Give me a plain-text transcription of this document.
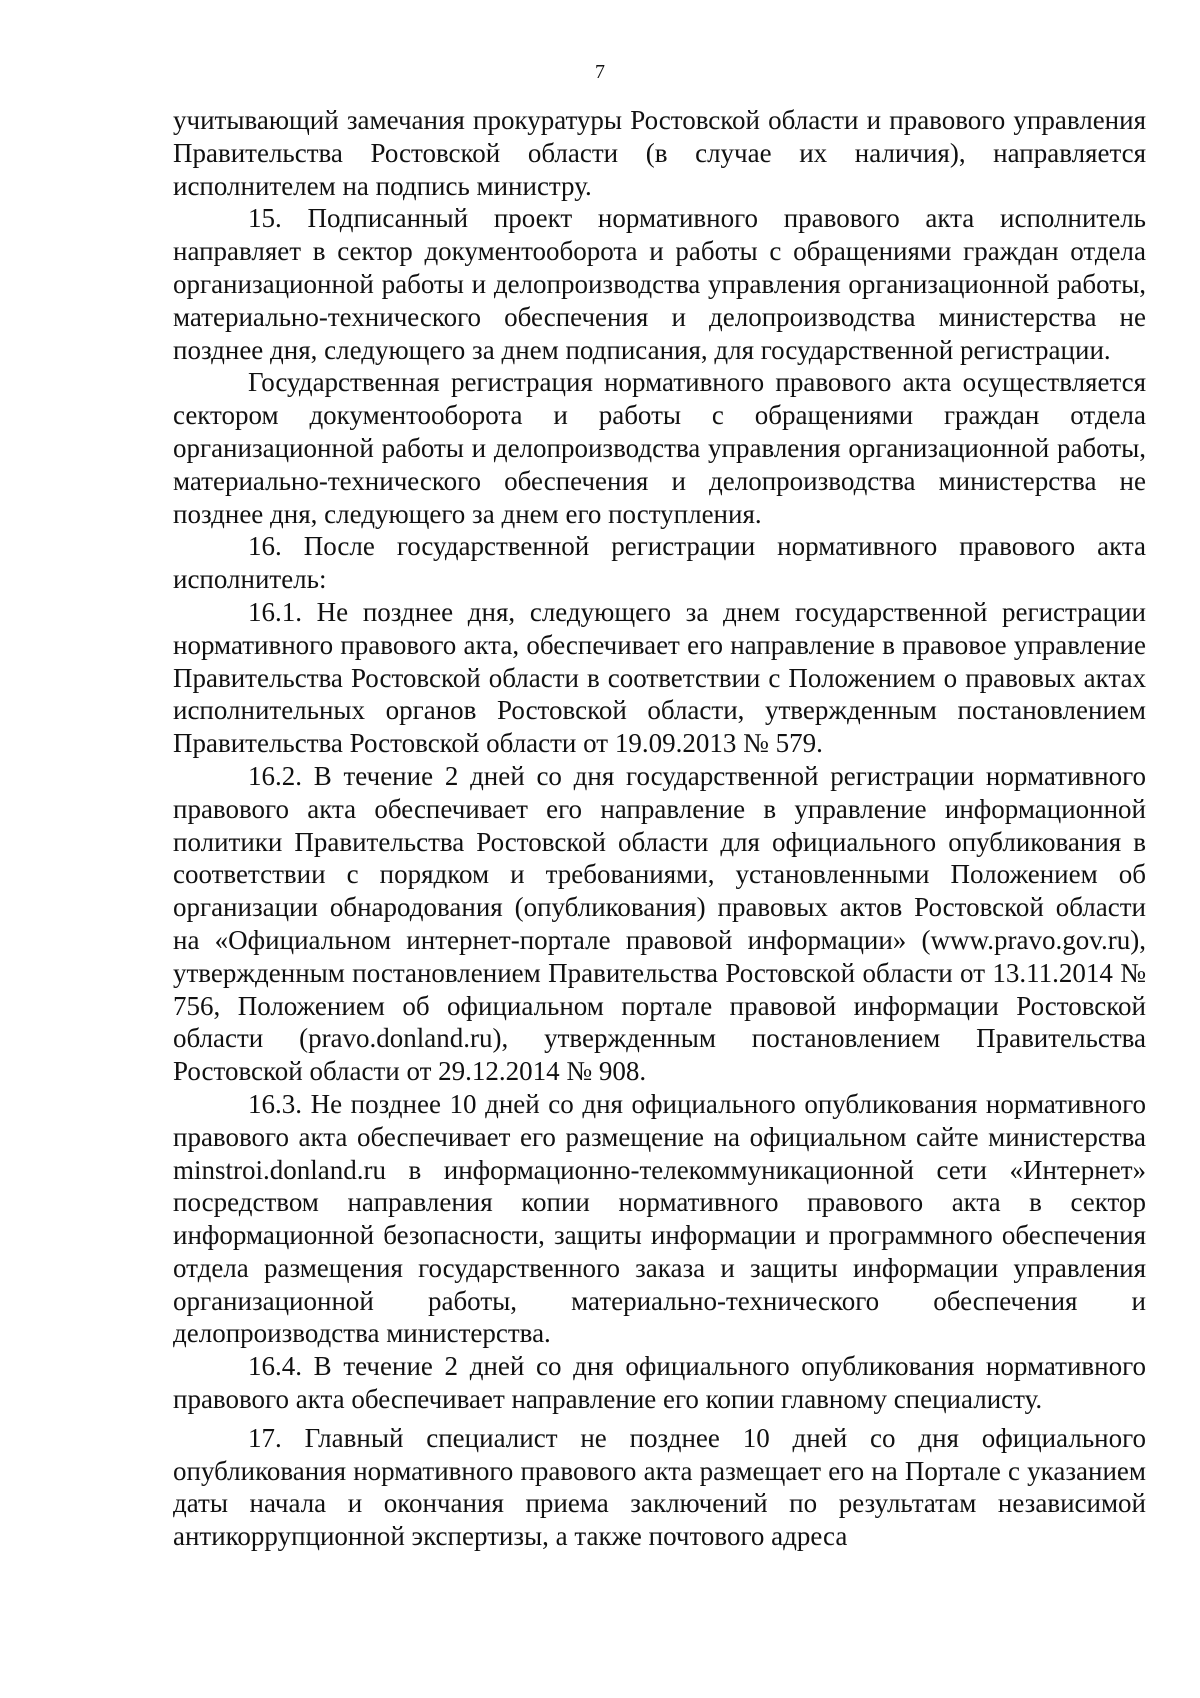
7

учитывающий замечания прокуратуры Ростовской области и правового управления Правительства Ростовской области (в случае их наличия), направляется исполнителем на подпись министру.

15. Подписанный проект нормативного правового акта исполнитель направляет в сектор документооборота и работы с обращениями граждан отдела организационной работы и делопроизводства управления организационной работы, материально-технического обеспечения и делопроизводства министерства не позднее дня, следующего за днем подписания, для государственной регистрации.

Государственная регистрация нормативного правового акта осуществляется сектором документооборота и работы с обращениями граждан отдела организационной работы и делопроизводства управления организационной работы, материально-технического обеспечения и делопроизводства министерства не позднее дня, следующего за днем его поступления.

16. После государственной регистрации нормативного правового акта исполнитель:

16.1. Не позднее дня, следующего за днем государственной регистрации нормативного правового акта, обеспечивает его направление в правовое управление Правительства Ростовской области в соответствии с Положением о правовых актах исполнительных органов Ростовской области, утвержденным постановлением Правительства Ростовской области от 19.09.2013 № 579.

16.2. В течение 2 дней со дня государственной регистрации нормативного правового акта обеспечивает его направление в управление информационной политики Правительства Ростовской области для официального опубликования в соответствии с порядком и требованиями, установленными Положением об организации обнародования (опубликования) правовых актов Ростовской области на «Официальном интернет-портале правовой информации» (www.pravo.gov.ru), утвержденным постановлением Правительства Ростовской области от 13.11.2014 № 756, Положением об официальном портале правовой информации Ростовской области (pravo.donland.ru), утвержденным постановлением Правительства Ростовской области от 29.12.2014 № 908.

16.3. Не позднее 10 дней со дня официального опубликования нормативного правового акта обеспечивает его размещение на официальном сайте министерства minstroi.donland.ru в информационно-телекоммуникационной сети «Интернет» посредством направления копии нормативного правового акта в сектор информационной безопасности, защиты информации и программного обеспечения отдела размещения государственного заказа и защиты информации управления организационной работы, материально-технического обеспечения и делопроизводства министерства.

16.4. В течение 2 дней со дня официального опубликования нормативного правового акта обеспечивает направление его копии главному специалисту.

17. Главный специалист не позднее 10 дней со дня официального опубликования нормативного правового акта размещает его на Портале с указанием даты начала и окончания приема заключений по результатам независимой антикоррупционной экспертизы, а также почтового адреса
